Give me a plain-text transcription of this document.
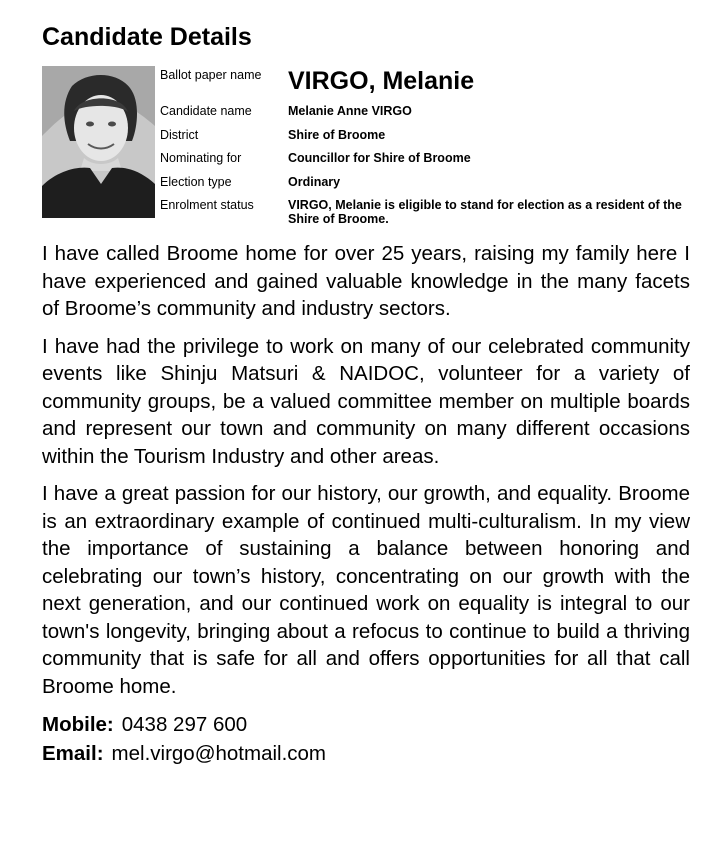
Candidate Details
Ballot paper name	VIRGO, Melanie
Candidate name	Melanie Anne VIRGO
District	Shire of Broome
Nominating for	Councillor for Shire of Broome
Election type	Ordinary
Enrolment status	VIRGO, Melanie is eligible to stand for election as a resident of the Shire of Broome.

I have called Broome home for over 25 years, raising my family here I have experienced and gained valuable knowledge in the many facets of Broome’s community and industry sectors.

I have had the privilege to work on many of our celebrated community events like Shinju Matsuri & NAIDOC, volunteer for a variety of community groups, be a valued committee member on multiple boards and represent our town and community on many different occasions within the Tourism Industry and other areas.

I have a great passion for our history, our growth, and equality. Broome is an extraordinary example of continued multi-culturalism. In my view the importance of sustaining a balance between honoring and celebrating our town’s history, concentrating on our growth with the next generation, and our continued work on equality is integral to our town's longevity, bringing about a refocus to continue to build a thriving community that is safe for all and offers opportunities for all that call Broome home.

Mobile: 0438 297 600
Email: mel.virgo@hotmail.com
